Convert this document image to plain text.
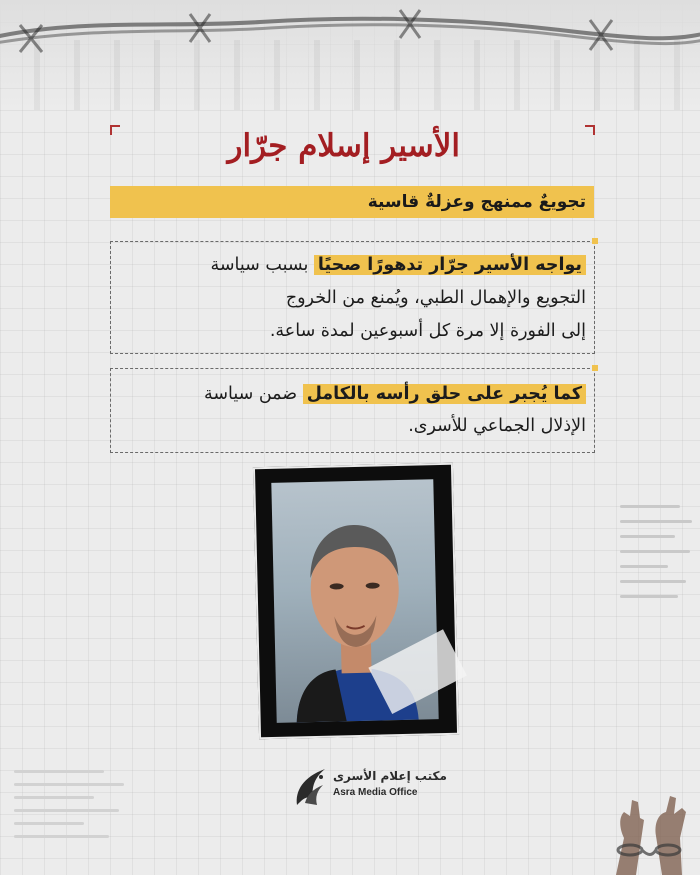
الأسير إسلام جرّار
تجويعٌ ممنهج وعزلةٌ قاسية
يواجه الأسير جرّار تدهورًا صحيًا بسبب سياسة
التجويع والإهمال الطبي، ويُمنع من الخروج
إلى الفورة إلا مرة كل أسبوعين لمدة ساعة.
كما يُجبر على حلق رأسه بالكامل ضمن سياسة
الإذلال الجماعي للأسرى.
مكتب إعلام الأسرى
Asra Media Office
